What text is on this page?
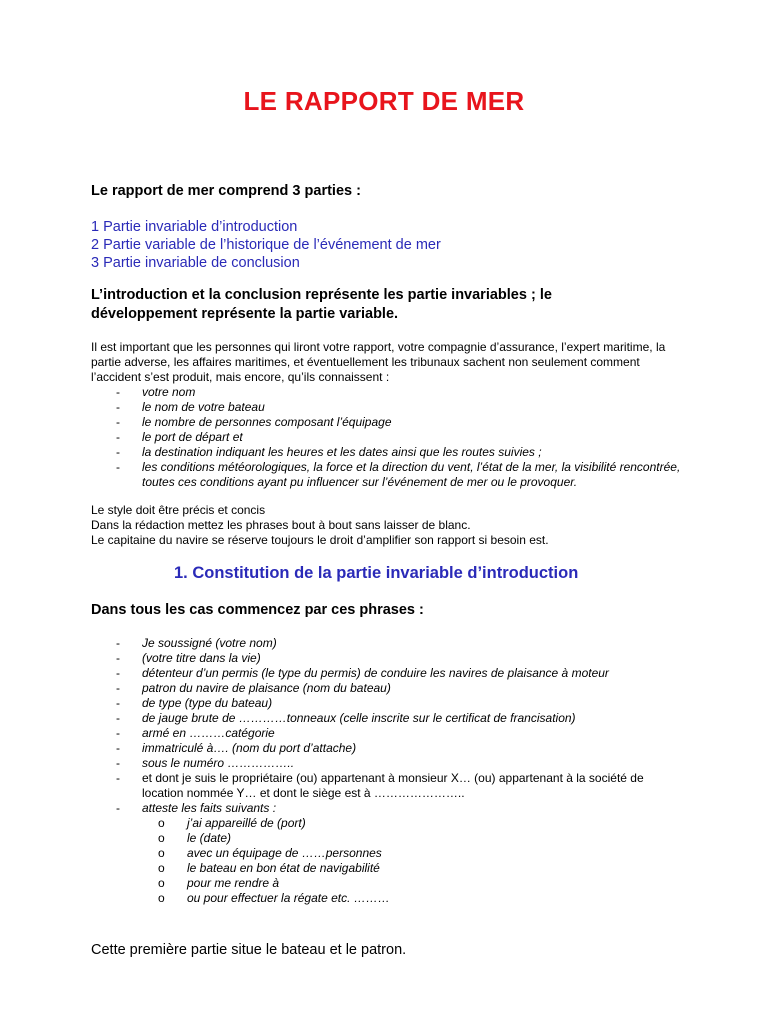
LE RAPPORT DE MER
Le rapport de mer comprend 3 parties :
1 Partie invariable d’introduction
2 Partie variable de l’historique de l’événement de mer
3 Partie invariable de conclusion
L’introduction et la conclusion représente les partie invariables ; le développement représente la partie variable.
Il est important que les personnes qui liront votre rapport, votre compagnie d’assurance, l’expert maritime, la partie adverse, les affaires maritimes, et éventuellement les tribunaux sachent non seulement comment l’accident s’est produit, mais encore, qu’ils connaissent :
- votre nom
- le nom de votre bateau
- le nombre de personnes composant l’équipage
- le port de départ et
- la destination indiquant les heures et les dates ainsi que les routes suivies ;
- les conditions météorologiques, la force et la direction du vent, l’état de la mer, la visibilité rencontrée, toutes ces conditions ayant pu influencer sur l’événement de mer ou le provoquer.
Le style doit être précis et concis
Dans la rédaction mettez les phrases bout à bout sans laisser de blanc.
Le capitaine du navire se réserve toujours le droit d’amplifier son rapport si besoin est.
1. Constitution de la partie invariable d’introduction
Dans tous les cas commencez par ces phrases :
- Je soussigné (votre nom)
- (votre titre dans la vie)
- détenteur d’un permis (le type du permis) de conduire les navires de plaisance à moteur
- patron du navire de plaisance (nom du bateau)
- de type (type du bateau)
- de jauge brute de …………tonneaux (celle inscrite sur le certificat de francisation)
- armé en ………catégorie
- immatriculé à…. (nom du port d’attache)
- sous le numéro ……………..
- et dont je suis le propriétaire (ou) appartenant à monsieur X… (ou) appartenant à la société de location nommée Y… et dont le siège est à …………………..
- atteste les faits suivants :
o j’ai appareillé de (port)
o le (date)
o avec un équipage de ……personnes
o le bateau en bon état de navigabilité
o pour me rendre à
o ou pour effectuer la régate etc. ………
Cette première partie situe le bateau et le patron.
